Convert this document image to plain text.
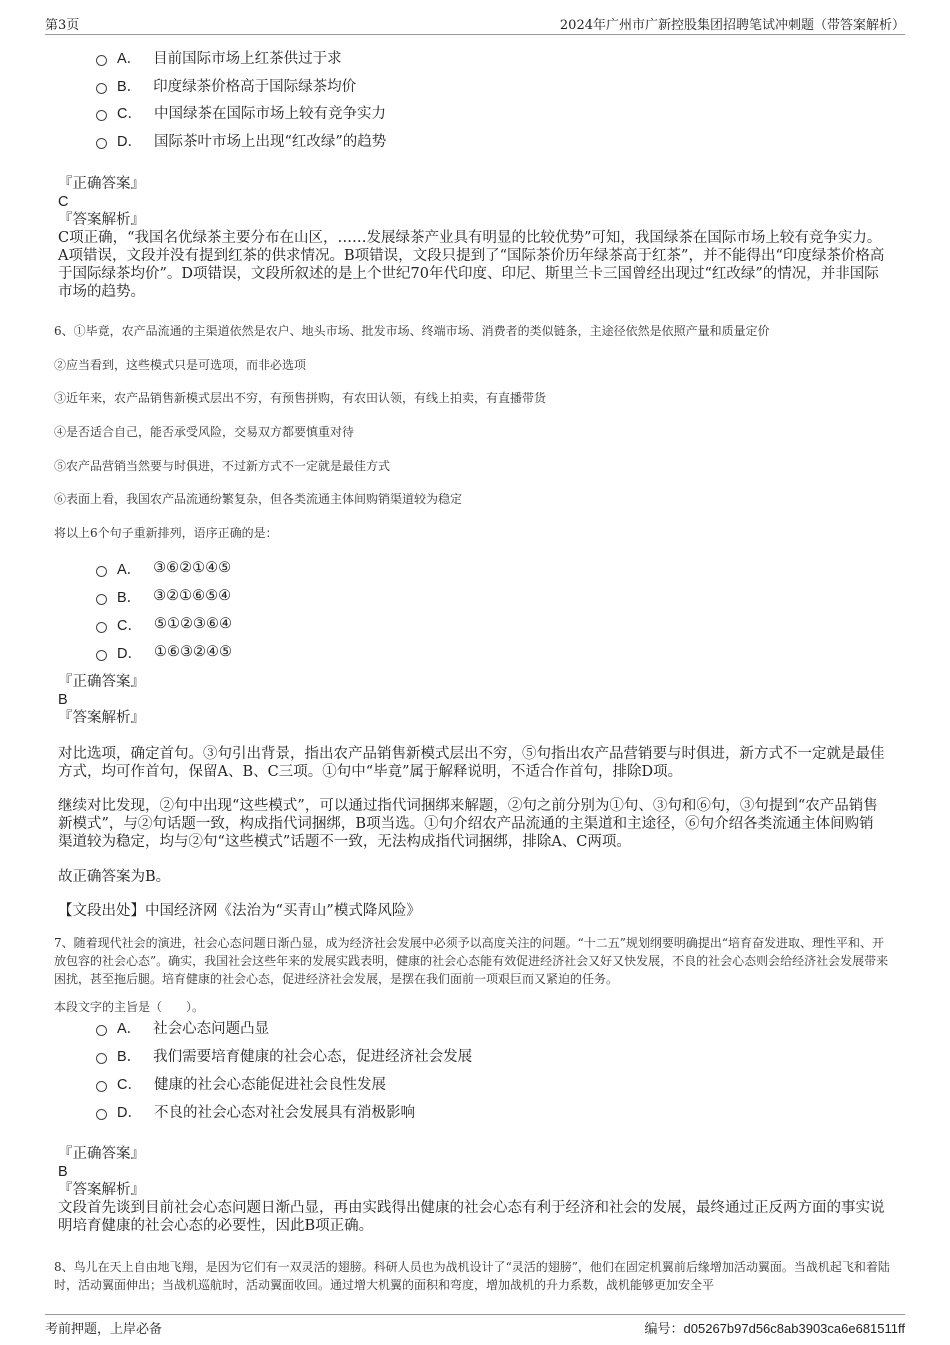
第3页	2024年广州市广新控股集团招聘笔试冲刺题（带答案解析）
A． 目前国际市场上红茶供过于求
B． 印度绿茶价格高于国际绿茶均价
C． 中国绿茶在国际市场上较有竞争实力
D． 国际茶叶市场上出现“红改绿”的趋势

『正确答案』

C

『答案解析』

C项正确，“我国名优绿茶主要分布在山区，……发展绿茶产业具有明显的比较优势”可知，我国绿茶在国际市场上较有竞争实力。A项错误，文段并没有提到红茶的供求情况。B项错误，文段只提到了“国际茶价历年绿茶高于红茶”，并不能得出“印度绿茶价格高于国际绿茶均价”。D项错误，文段所叙述的是上个世纪70年代印度、印尼、斯里兰卡三国曾经出现过“红改绿”的情况，并非国际市场的趋势。

6、①毕竟，农产品流通的主渠道依然是农户、地头市场、批发市场、终端市场、消费者的类似链条，主途径依然是依照产量和质量定价
②应当看到，这些模式只是可选项，而非必选项
③近年来，农产品销售新模式层出不穷，有预售拼购，有农田认领，有线上拍卖，有直播带货
④是否适合自己，能否承受风险，交易双方都要慎重对待
⑤农产品营销当然要与时俱进，不过新方式不一定就是最佳方式
⑥表面上看，我国农产品流通纷繁复杂，但各类流通主体间购销渠道较为稳定
将以上6个句子重新排列，语序正确的是：
A． ③⑥②①④⑤
B． ③②①⑥⑤④
C． ⑤①②③⑥④
D． ①⑥③②④⑤

『正确答案』

B

『答案解析』

对比选项，确定首句。③句引出背景，指出农产品销售新模式层出不穷，⑤句指出农产品营销要与时俱进，新方式不一定就是最佳方式，均可作首句，保留A、B、C三项。①句中“毕竟”属于解释说明，不适合作首句，排除D项。
继续对比发现，②句中出现“这些模式”，可以通过指代词捆绑来解题，②句之前分别为①句、③句和⑥句，③句提到“农产品销售新模式”，与②句话题一致，构成指代词捆绑，B项当选。①句介绍农产品流通的主渠道和主途径，⑥句介绍各类流通主体间购销渠道较为稳定，均与②句“这些模式”话题不一致，无法构成指代词捆绑，排除A、C两项。
故正确答案为B。
【文段出处】中国经济网《法治为“买青山”模式降风险》
7、随着现代社会的演进，社会心态问题日渐凸显，成为经济社会发展中必须予以高度关注的问题。“十二五”规划纲要明确提出“培育奋发进取、理性平和、开放包容的社会心态”。确实，我国社会这些年来的发展实践表明，健康的社会心态能有效促进经济社会又好又快发展，不良的社会心态则会给经济社会发展带来困扰，甚至拖后腿。培育健康的社会心态，促进经济社会发展，是摆在我们面前一项艰巨而又紧迫的任务。
本段文字的主旨是（　　）。
A． 社会心态问题凸显
B． 我们需要培育健康的社会心态，促进经济社会发展
C． 健康的社会心态能促进社会良性发展
D． 不良的社会心态对社会发展具有消极影响

『正确答案』

B

『答案解析』

文段首先谈到目前社会心态问题日渐凸显，再由实践得出健康的社会心态有利于经济和社会的发展，最终通过正反两方面的事实说明培育健康的社会心态的必要性，因此B项正确。

8、鸟儿在天上自由地飞翔，是因为它们有一双灵活的翅膀。科研人员也为战机设计了“灵活的翅膀”，他们在固定机翼前后缘增加活动翼面。当战机起飞和着陆时，活动翼面伸出；当战机巡航时，活动翼面收回。通过增大机翼的面积和弯度，增加战机的升力系数，战机能够更加安全平
考前押题，上岸必备	编号：d05267b97d56c8ab3903ca6e681511ff
